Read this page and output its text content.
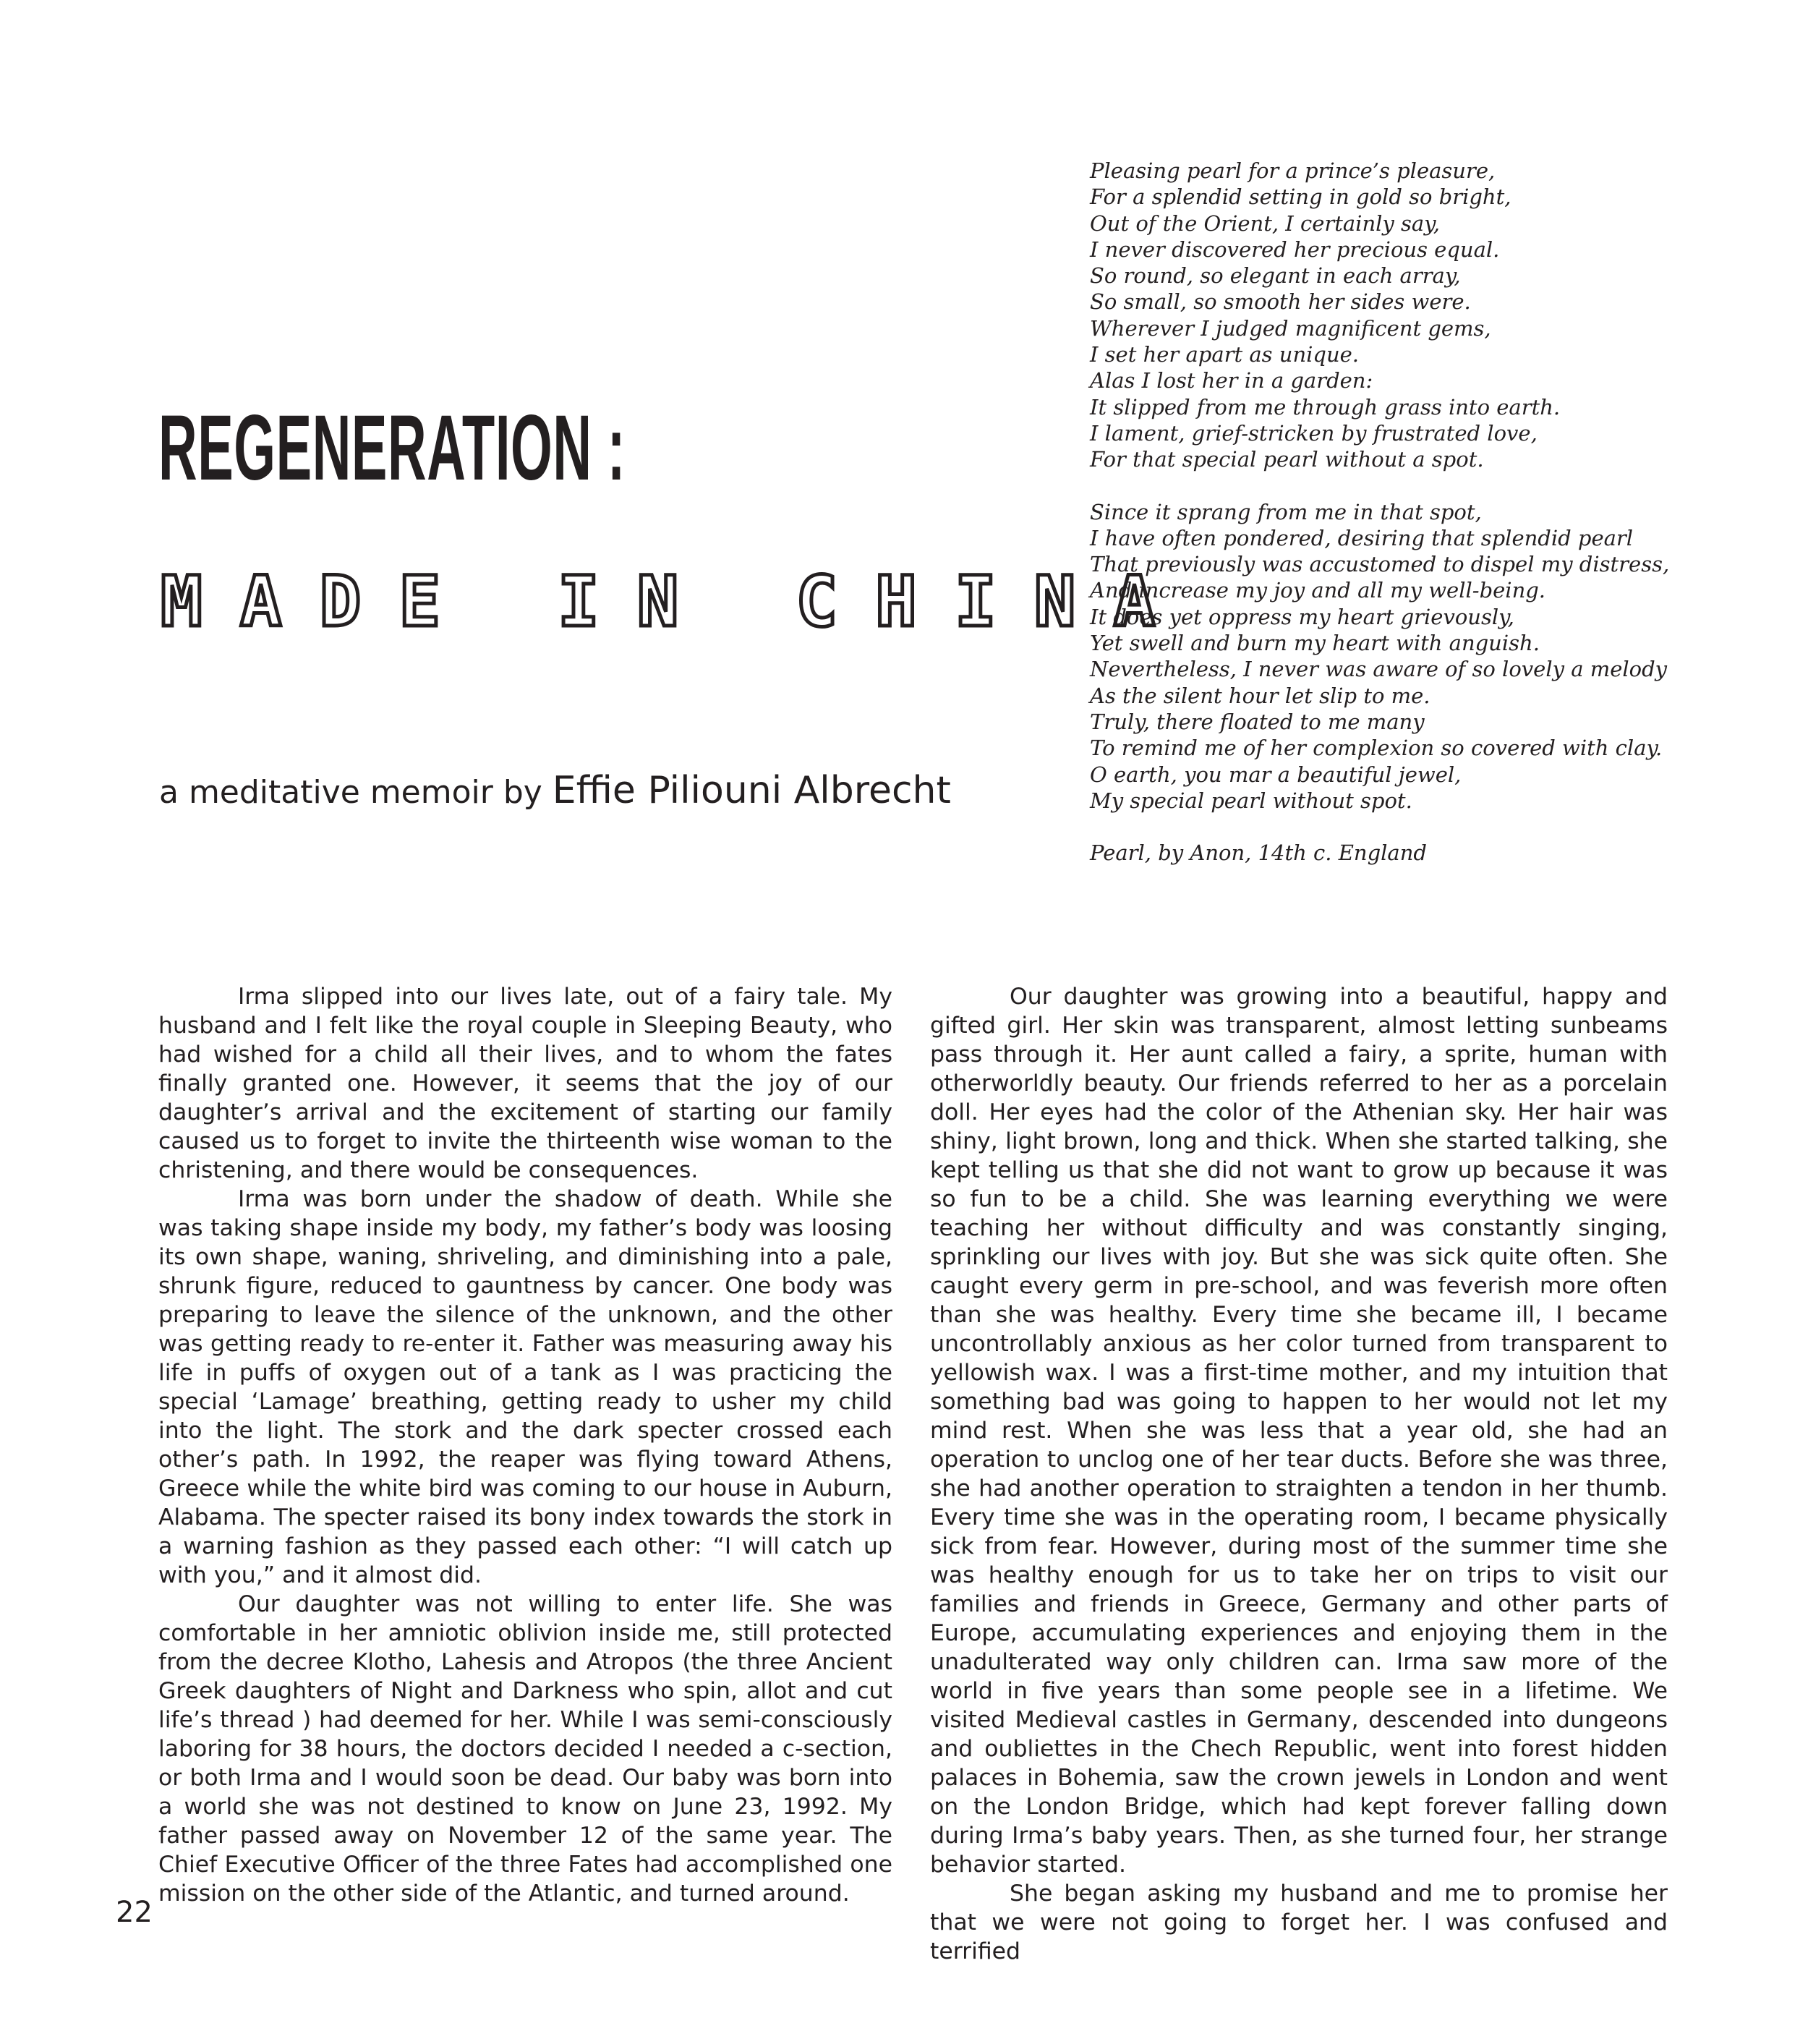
REGENERATION :
MADE IN CHINA

a meditative memoir by Effie Piliouni Albrecht

Pleasing pearl for a prince’s pleasure,
For a splendid setting in gold so bright,
Out of the Orient, I certainly say,
I never discovered her precious equal.
So round, so elegant in each array,
So small, so smooth her sides were.
Wherever I judged magnificent gems,
I set her apart as unique.
Alas I lost her in a garden:
It slipped from me through grass into earth.
I lament, grief-stricken by frustrated love,
For that special pearl without a spot.
Since it sprang from me in that spot,
I have often pondered, desiring that splendid pearl
That previously was accustomed to dispel my distress,
And increase my joy and all my well-being.
It does yet oppress my heart grievously,
Yet swell and burn my heart with anguish.
Nevertheless, I never was aware of so lovely a melody
As the silent hour let slip to me.
Truly, there floated to me many
To remind me of her complexion so covered with clay.
O earth, you mar a beautiful jewel,
My special pearl without spot.
Pearl, by Anon, 14th c. England

Irma slipped into our lives late, out of a fairy tale. My husband and I felt like the royal couple in Sleeping Beauty, who had wished for a child all their lives, and to whom the fates finally granted one. However, it seems that the joy of our daughter’s arrival and the excitement of starting our family caused us to forget to invite the thirteenth wise woman to the christening, and there would be consequences.

Irma was born under the shadow of death. While she was taking shape inside my body, my father’s body was loosing its own shape, waning, shriveling, and diminishing into a pale, shrunk figure, reduced to gauntness by cancer. One body was preparing to leave the silence of the unknown, and the other was getting ready to re-enter it. Father was measuring away his life in puffs of oxygen out of a tank as I was practicing the special ‘Lamage’ breathing, getting ready to usher my child into the light. The stork and the dark specter crossed each other’s path. In 1992, the reaper was flying toward Athens, Greece while the white bird was coming to our house in Auburn, Alabama. The specter raised its bony index towards the stork in a warning fashion as they passed each other: “I will catch up with you,” and it almost did.

Our daughter was not willing to enter life. She was comfortable in her amniotic oblivion inside me, still protected from the decree Klotho, Lahesis and Atropos (the three Ancient Greek daughters of Night and Darkness who spin, allot and cut life’s thread ) had deemed for her. While I was semi-consciously laboring for 38 hours, the doctors decided I needed a c-section, or both Irma and I would soon be dead. Our baby was born into a world she was not destined to know on June 23, 1992. My father passed away on November 12 of the same year. The Chief Executive Officer of the three Fates had accomplished one mission on the other side of the Atlantic, and turned around.

Our daughter was growing into a beautiful, happy and gifted girl. Her skin was transparent, almost letting sunbeams pass through it. Her aunt called a fairy, a sprite, human with otherworldly beauty. Our friends referred to her as a porcelain doll. Her eyes had the color of the Athenian sky. Her hair was shiny, light brown, long and thick. When she started talking, she kept telling us that she did not want to grow up because it was so fun to be a child. She was learning everything we were teaching her without difficulty and was constantly singing, sprinkling our lives with joy. But she was sick quite often. She caught every germ in pre-school, and was feverish more often than she was healthy. Every time she became ill, I became uncontrollably anxious as her color turned from transparent to yellowish wax. I was a first-time mother, and my intuition that something bad was going to happen to her would not let my mind rest. When she was less that a year old, she had an operation to unclog one of her tear ducts. Before she was three, she had another operation to straighten a tendon in her thumb. Every time she was in the operating room, I became physically sick from fear. However, during most of the summer time she was healthy enough for us to take her on trips to visit our families and friends in Greece, Germany and other parts of Europe, accumulating experiences and enjoying them in the unadulterated way only children can. Irma saw more of the world in five years than some people see in a lifetime. We visited Medieval castles in Germany, descended into dungeons and oubliettes in the Chech Republic, went into forest hidden palaces in Bohemia, saw the crown jewels in London and went on the London Bridge, which had kept forever falling down during Irma’s baby years. Then, as she turned four, her strange behavior started.

She began asking my husband and me to promise her that we were not going to forget her. I was confused and terrified

22
